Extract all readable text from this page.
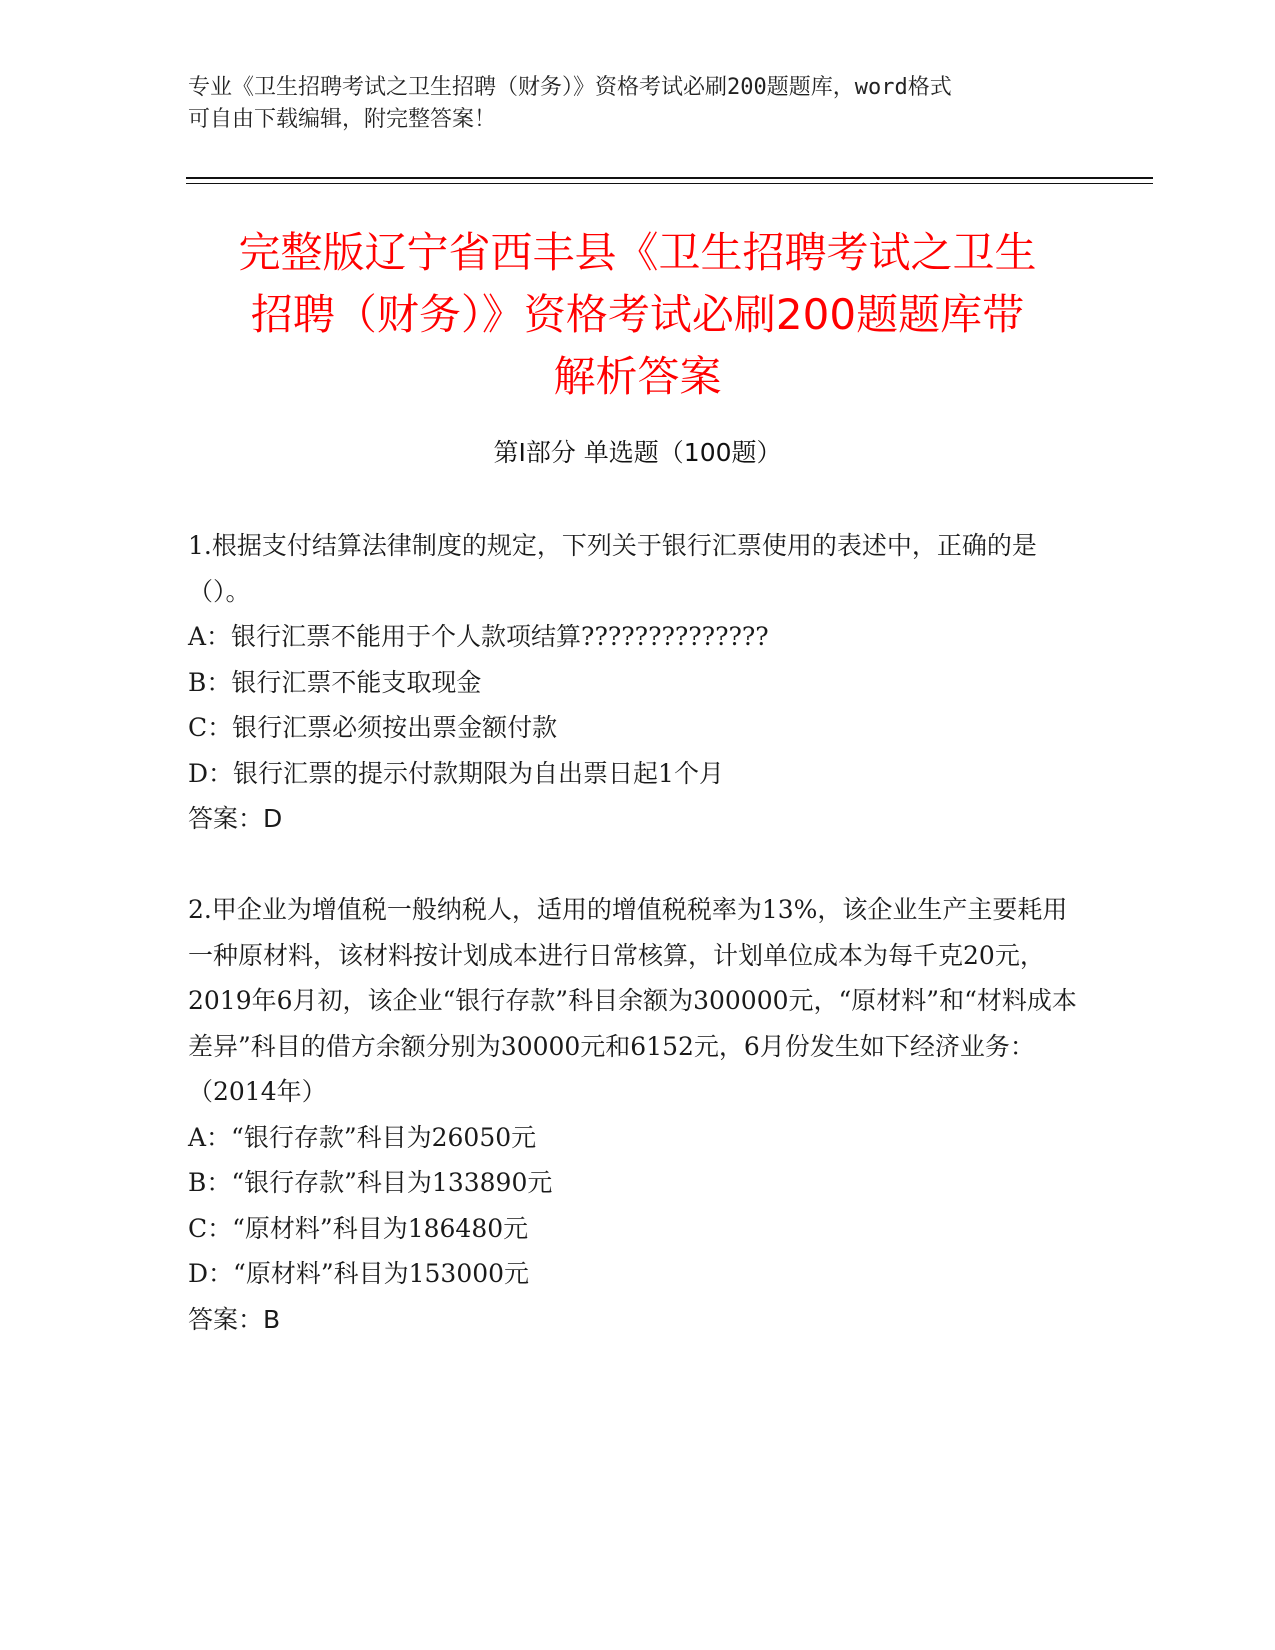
专业《卫生招聘考试之卫生招聘（财务）》资格考试必刷200题题库，word格式
可自由下载编辑，附完整答案！
完整版辽宁省西丰县《卫生招聘考试之卫生
招聘（财务）》资格考试必刷200题题库带
解析答案
第Ⅰ部分 单选题（100题）
1.根据支付结算法律制度的规定，下列关于银行汇票使用的表述中，正确的是（）。
A：银行汇票不能用于个人款项结算??????????????
B：银行汇票不能支取现金
C：银行汇票必须按出票金额付款
D：银行汇票的提示付款期限为自出票日起1个月
答案：D
2.甲企业为增值税一般纳税人，适用的增值税税率为13%，该企业生产主要耗用一种原材料，该材料按计划成本进行日常核算，计划单位成本为每千克20元，2019年6月初，该企业“银行存款”科目余额为300000元，“原材料”和“材料成本差异”科目的借方余额分别为30000元和6152元，6月份发生如下经济业务：（2014年）
A：“银行存款”科目为26050元
B：“银行存款”科目为133890元
C：“原材料”科目为186480元
D：“原材料”科目为153000元
答案：B
